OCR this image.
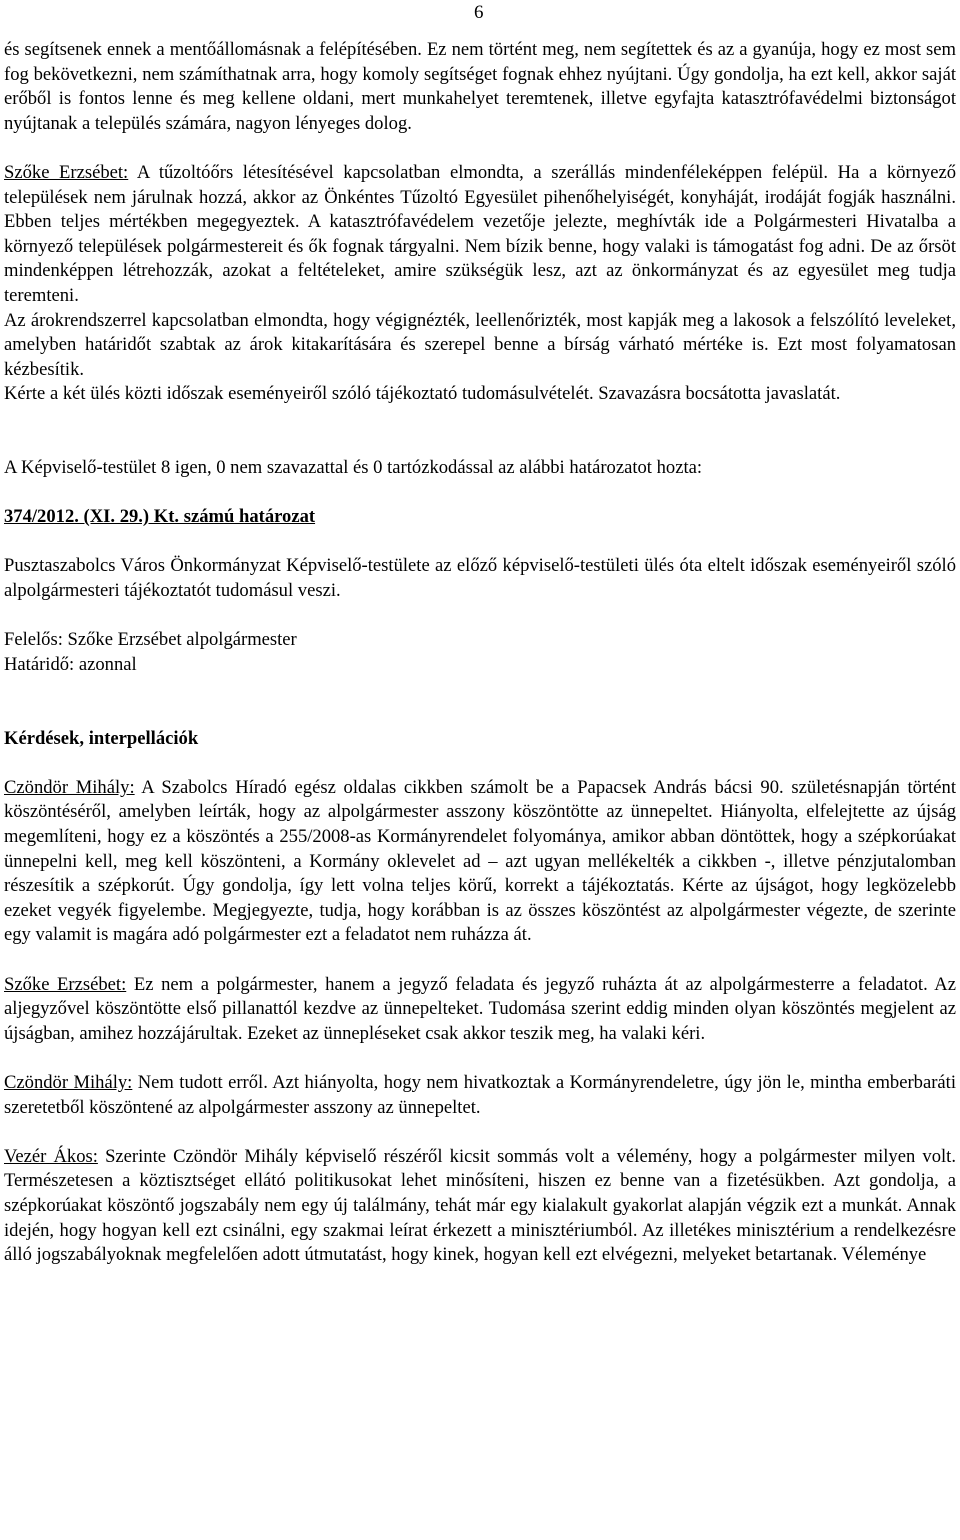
6

és segítsenek ennek a mentőállomásnak a felépítésében. Ez nem történt meg, nem segítettek és az a gyanúja, hogy ez most sem fog bekövetkezni, nem számíthatnak arra, hogy komoly segítséget fognak ehhez nyújtani. Úgy gondolja, ha ezt kell, akkor saját erőből is fontos lenne és meg kellene oldani, mert munkahelyet teremtenek, illetve egyfajta katasztrófavédelmi biztonságot nyújtanak a település számára, nagyon lényeges dolog.

Szőke Erzsébet: A tűzoltóőrs létesítésével kapcsolatban elmondta, a szerállás mindenféleképpen felépül. Ha a környező települések nem járulnak hozzá, akkor az Önkéntes Tűzoltó Egyesület pihenőhelyiségét, konyháját, irodáját fogják használni. Ebben teljes mértékben megegyeztek. A katasztrófavédelem vezetője jelezte, meghívták ide a Polgármesteri Hivatalba a környező települések polgármestereit és ők fognak tárgyalni. Nem bízik benne, hogy valaki is támogatást fog adni. De az őrsöt mindenképpen létrehozzák, azokat a feltételeket, amire szükségük lesz, azt az önkormányzat és az egyesület meg tudja teremteni.

Az árokrendszerrel kapcsolatban elmondta, hogy végignézték, leellenőrizték, most kapják meg a lakosok a felszólító leveleket, amelyben határidőt szabtak az árok kitakarítására és szerepel benne a bírság várható mértéke is. Ezt most folyamatosan kézbesítik.

Kérte a két ülés közti időszak eseményeiről szóló tájékoztató tudomásulvételét. Szavazásra bocsátotta javaslatát.

A Képviselő-testület 8 igen, 0 nem szavazattal és 0 tartózkodással az alábbi határozatot hozta:

374/2012. (XI. 29.) Kt. számú határozat

Pusztaszabolcs Város Önkormányzat Képviselő-testülete az előző képviselő-testületi ülés óta eltelt időszak eseményeiről szóló alpolgármesteri tájékoztatót tudomásul veszi.

Felelős: Szőke Erzsébet alpolgármester

Határidő: azonnal

Kérdések, interpellációk

Czöndör Mihály: A Szabolcs Híradó egész oldalas cikkben számolt be a Papacsek András bácsi 90. születésnapján történt köszöntéséről, amelyben leírták, hogy az alpolgármester asszony köszöntötte az ünnepeltet. Hiányolta, elfelejtette az újság megemlíteni, hogy ez a köszöntés a 255/2008-as Kormányrendelet folyománya, amikor abban döntöttek, hogy a szépkorúakat ünnepelni kell, meg kell köszönteni, a Kormány oklevelet ad – azt ugyan mellékelték a cikkben -, illetve pénzjutalomban részesítik a szépkorút. Úgy gondolja, így lett volna teljes körű, korrekt a tájékoztatás. Kérte az újságot, hogy legközelebb ezeket vegyék figyelembe. Megjegyezte, tudja, hogy korábban is az összes köszöntést az alpolgármester végezte, de szerinte egy valamit is magára adó polgármester ezt a feladatot nem ruházza át.

Szőke Erzsébet: Ez nem a polgármester, hanem a jegyző feladata és jegyző ruházta át az alpolgármesterre a feladatot. Az aljegyzővel köszöntötte első pillanattól kezdve az ünnepelteket. Tudomása szerint eddig minden olyan köszöntés megjelent az újságban, amihez hozzájárultak. Ezeket az ünnepléseket csak akkor teszik meg, ha valaki kéri.

Czöndör Mihály: Nem tudott erről. Azt hiányolta, hogy nem hivatkoztak a Kormányrendeletre, úgy jön le, mintha emberbaráti szeretetből köszöntené az alpolgármester asszony az ünnepeltet.

Vezér Ákos: Szerinte Czöndör Mihály képviselő részéről kicsit sommás volt a vélemény, hogy a polgármester milyen volt. Természetesen a köztisztséget ellátó politikusokat lehet minősíteni, hiszen ez benne van a fizetésükben. Azt gondolja, a szépkorúakat köszöntő jogszabály nem egy új találmány, tehát már egy kialakult gyakorlat alapján végzik ezt a munkát. Annak idején, hogy hogyan kell ezt csinálni, egy szakmai leírat érkezett a minisztériumból. Az illetékes minisztérium a rendelkezésre álló jogszabályoknak megfelelően adott útmutatást, hogy kinek, hogyan kell ezt elvégezni, melyeket betartanak. Véleménye
